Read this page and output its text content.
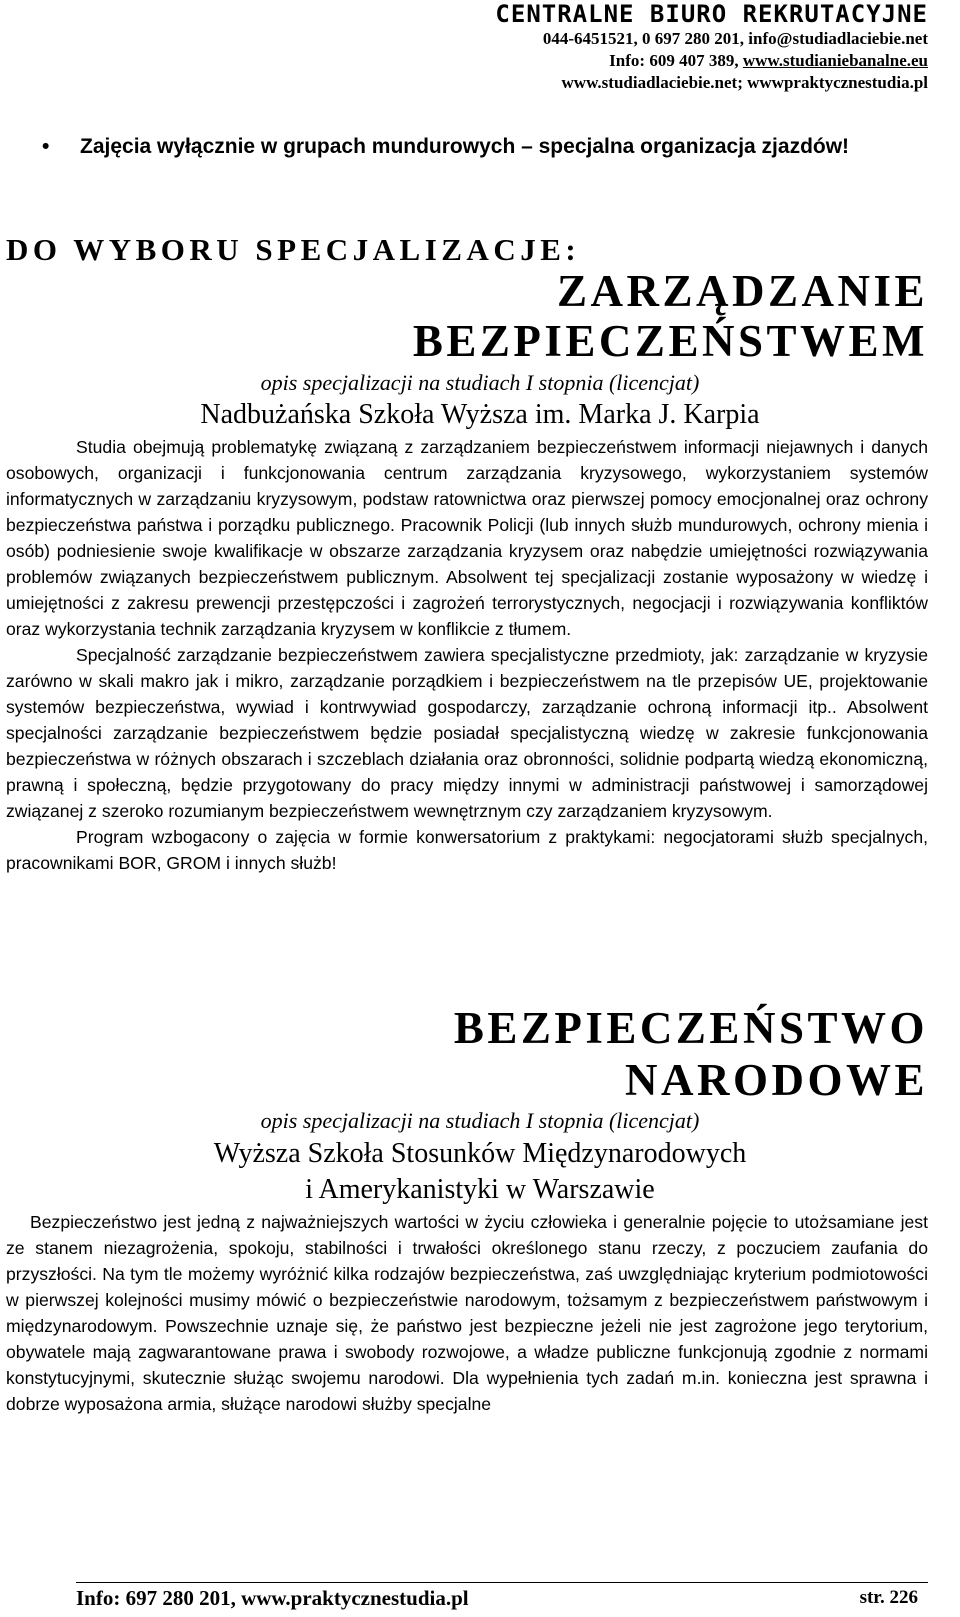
CENTRALNE BIURO REKRUTACYJNE
044-6451521, 0 697 280 201, info@studiadlaciebie.net
Info: 609 407 389, www.studianiebanalne.eu
www.studiadlaciebie.net; wwwpraktycznestudia.pl
•	Zajęcia wyłącznie w grupach mundurowych – specjalna organizacja zjazdów!
DO WYBORU SPECJALIZACJE:
ZARZĄDZANIE
BEZPIECZEŃSTWEM
opis specjalizacji na studiach I stopnia (licencjat)
Nadbużańska Szkoła Wyższa im. Marka J. Karpia

Studia obejmują problematykę związaną z zarządzaniem bezpieczeństwem informacji niejawnych i danych osobowych, organizacji i funkcjonowania centrum zarządzania kryzysowego, wykorzystaniem systemów informatycznych w zarządzaniu kryzysowym, podstaw ratownictwa oraz pierwszej pomocy emocjonalnej oraz ochrony bezpieczeństwa państwa i porządku publicznego. Pracownik Policji (lub innych służb mundurowych, ochrony mienia i osób) podniesienie swoje kwalifikacje w obszarze zarządzania kryzysem oraz nabędzie umiejętności rozwiązywania problemów związanych bezpieczeństwem publicznym. Absolwent tej specjalizacji zostanie wyposażony w wiedzę i umiejętności z zakresu prewencji przestępczości i zagrożeń terrorystycznych, negocjacji i rozwiązywania konfliktów oraz wykorzystania technik zarządzania kryzysem w konflikcie z tłumem.

Specjalność zarządzanie bezpieczeństwem zawiera specjalistyczne przedmioty, jak: zarządzanie w kryzysie zarówno w skali makro jak i mikro, zarządzanie porządkiem i bezpieczeństwem na tle przepisów UE, projektowanie systemów bezpieczeństwa, wywiad i kontrwywiad gospodarczy, zarządzanie ochroną informacji itp.. Absolwent specjalności zarządzanie bezpieczeństwem będzie posiadał specjalistyczną wiedzę w zakresie funkcjonowania bezpieczeństwa w różnych obszarach i szczeblach działania oraz obronności, solidnie podpartą wiedzą ekonomiczną, prawną i społeczną, będzie przygotowany do pracy między innymi w administracji państwowej i samorządowej związanej z szeroko rozumianym bezpieczeństwem wewnętrznym czy zarządzaniem kryzysowym.

Program wzbogacony o zajęcia w formie konwersatorium z praktykami: negocjatorami służb specjalnych, pracownikami BOR, GROM i innych służb!

BEZPIECZEŃSTWO
NARODOWE
opis specjalizacji na studiach I stopnia (licencjat)
Wyższa Szkoła Stosunków Międzynarodowych
i Amerykanistyki w Warszawie

Bezpieczeństwo jest jedną z najważniejszych wartości w życiu człowieka i generalnie pojęcie to utożsamiane jest ze stanem niezagrożenia, spokoju, stabilności i trwałości określonego stanu rzeczy, z poczuciem zaufania do przyszłości. Na tym tle możemy wyróżnić kilka rodzajów bezpieczeństwa, zaś uwzględniając kryterium podmiotowości w pierwszej kolejności musimy mówić o bezpieczeństwie narodowym, tożsamym z bezpieczeństwem państwowym i międzynarodowym. Powszechnie uznaje się, że państwo jest bezpieczne jeżeli nie jest zagrożone jego terytorium, obywatele mają zagwarantowane prawa i swobody rozwojowe, a władze publiczne funkcjonują zgodnie z normami konstytucyjnymi, skutecznie służąc swojemu narodowi. Dla wypełnienia tych zadań m.in. konieczna jest sprawna i dobrze wyposażona armia, służące narodowi służby specjalne

Info: 697 280 201, www.praktycznestudia.pl	str. 226
